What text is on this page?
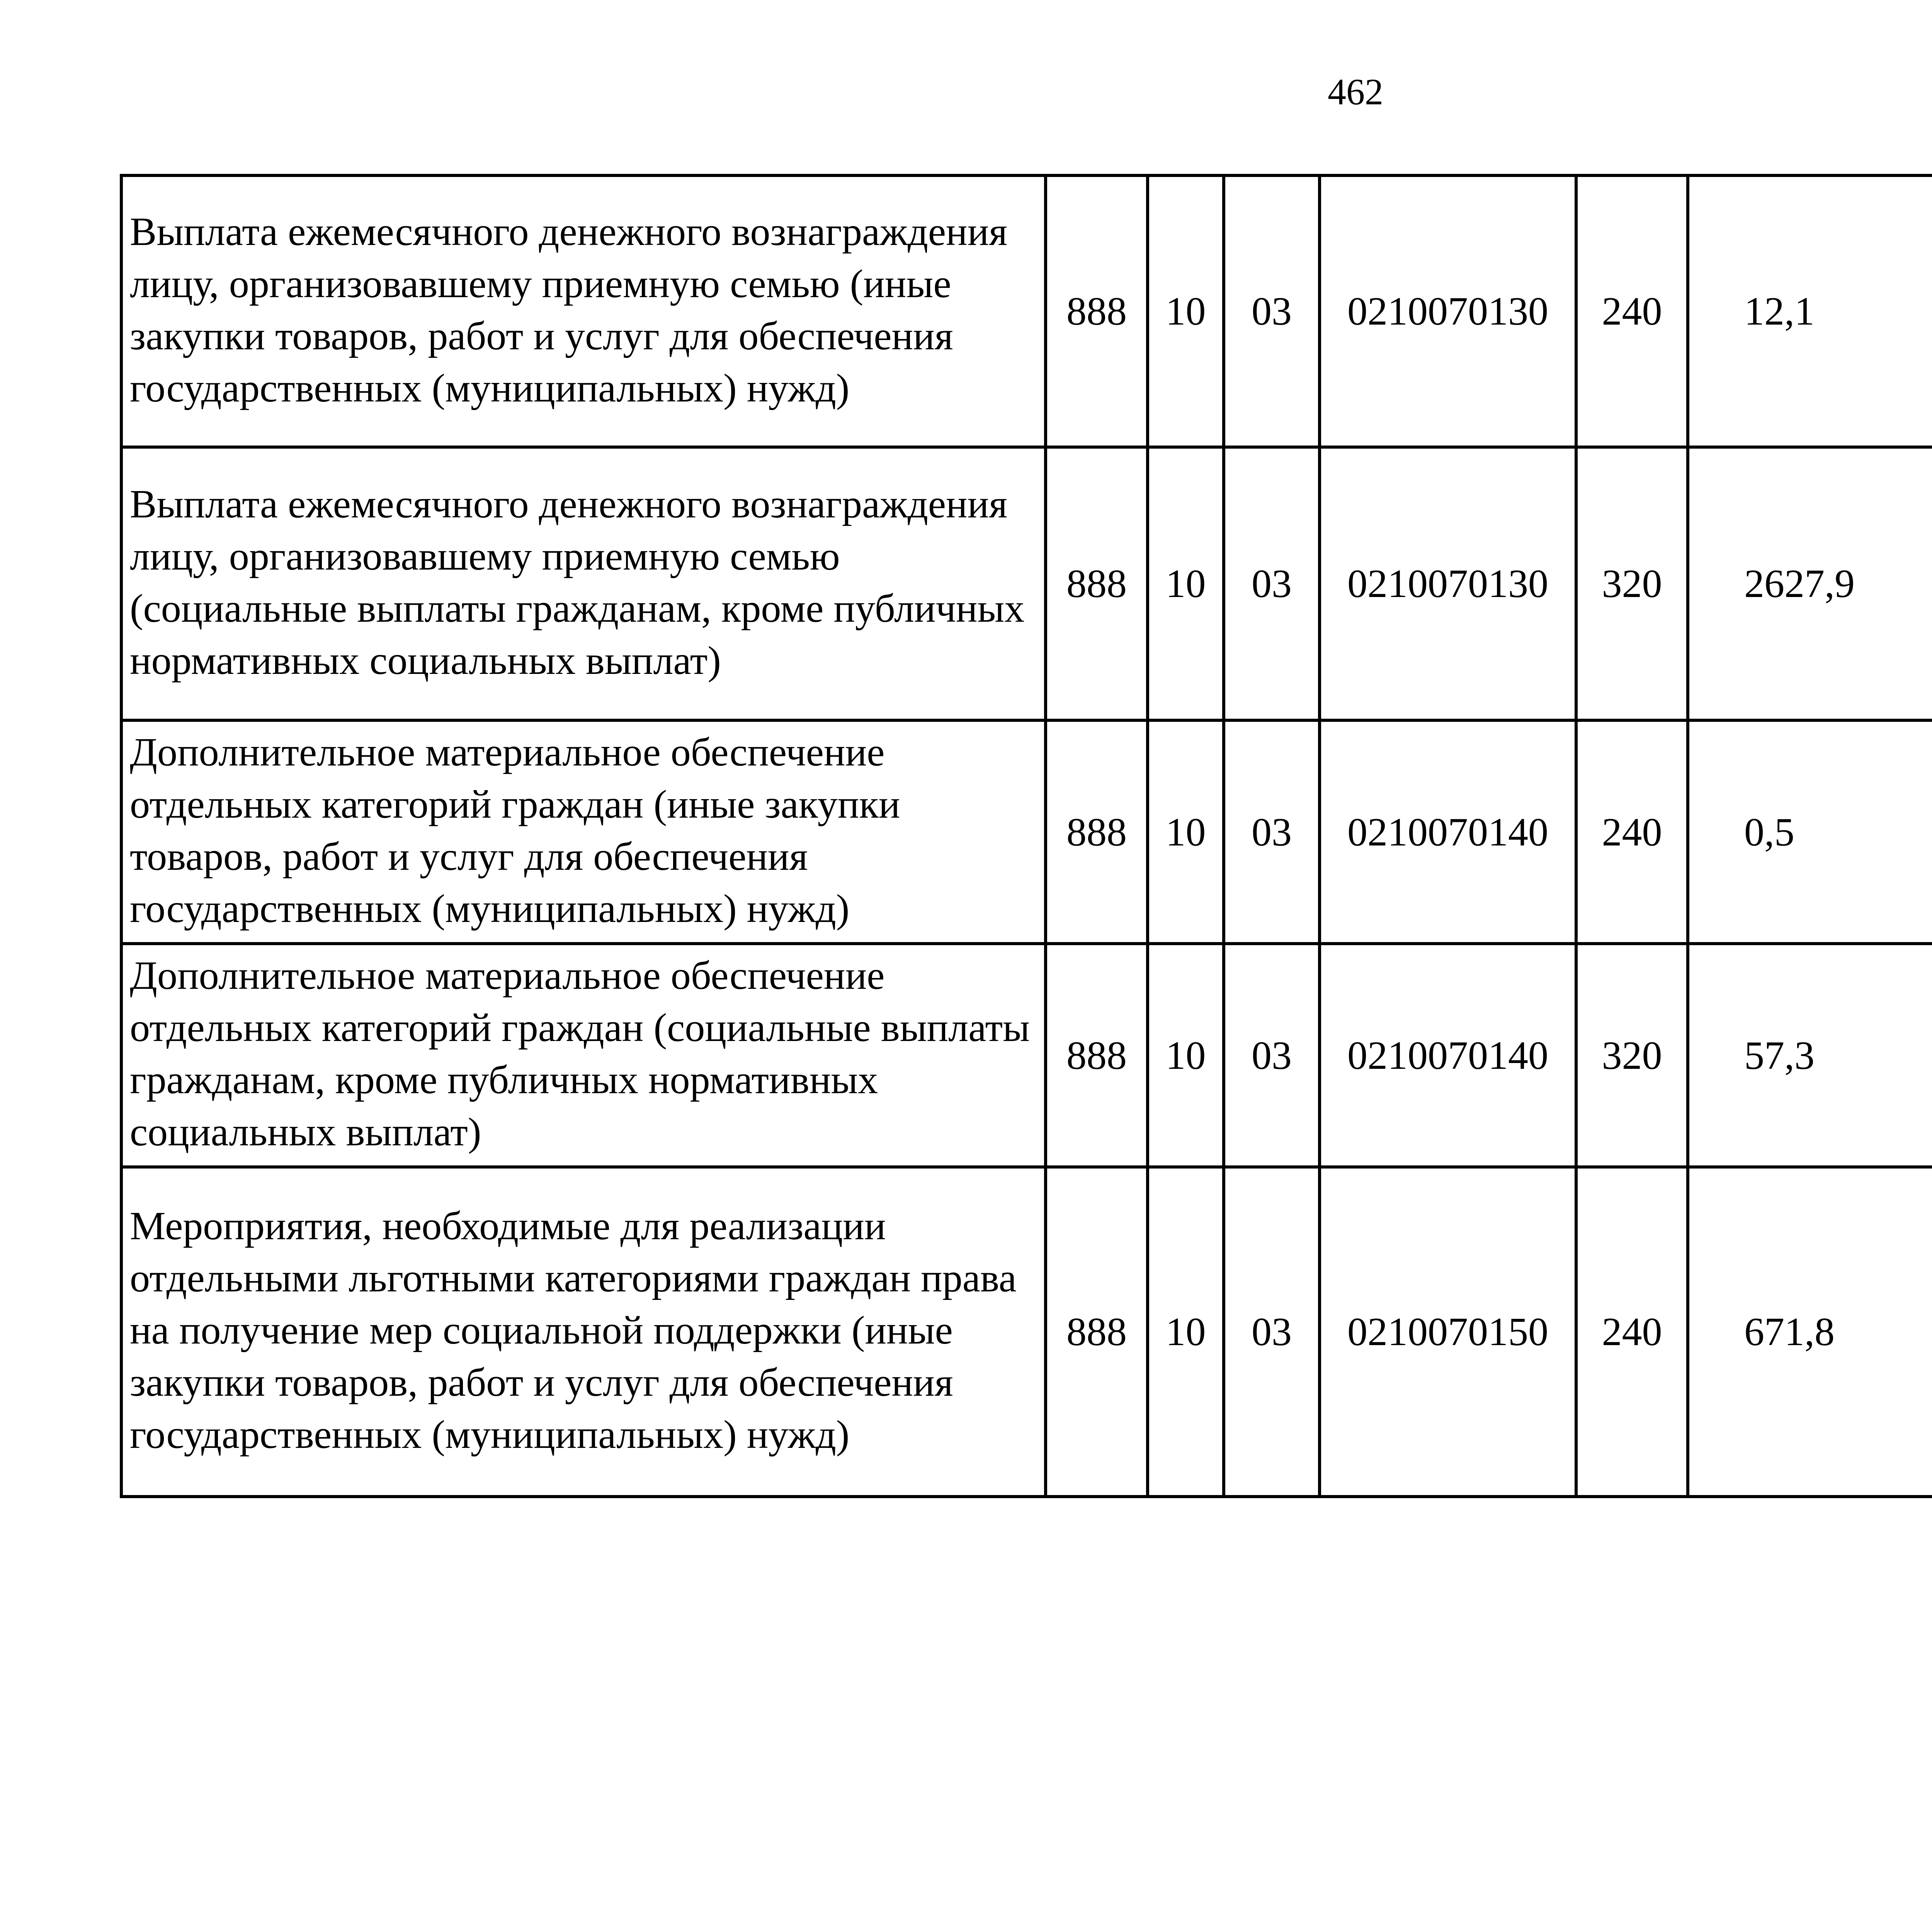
462
Выплата ежемесячного денежного вознаграждения лицу, организовавшему приемную семью (иные закупки товаров, работ и услуг для обеспечения государственных (муниципальных) нужд)	888	10	03	0210070130	240	12,1		
Выплата ежемесячного денежного вознаграждения лицу, организовавшему приемную семью (социальные выплаты гражданам, кроме публичных нормативных социальных выплат)	888	10	03	0210070130	320	2627,9		
Дополнительное материальное обеспечение отдельных категорий граждан (иные закупки товаров, работ и услуг для обеспечения государственных (муниципальных) нужд)	888	10	03	0210070140	240	0,5		
Дополнительное материальное обеспечение отдельных категорий граждан (социальные выплаты гражданам, кроме публичных нормативных социальных выплат)	888	10	03	0210070140	320	57,3		
Мероприятия, необходимые для реализации отдельными льготными категориями граждан права на получение мер социальной поддержки (иные закупки товаров, работ и услуг для обеспечения государственных (муниципальных) нужд)	888	10	03	0210070150	240	671,8		
